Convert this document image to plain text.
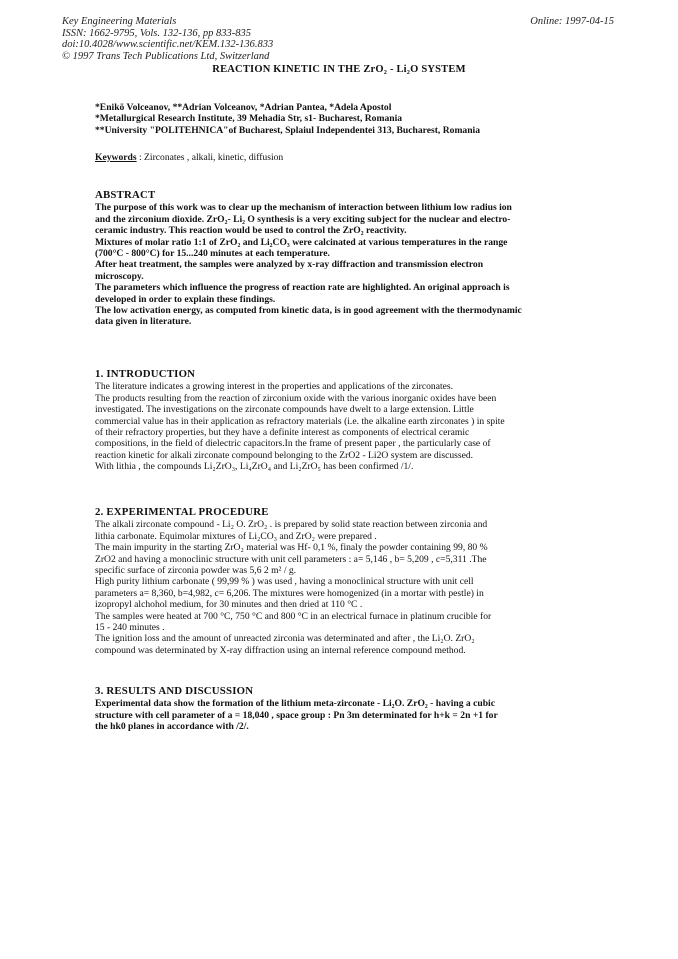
Key Engineering Materials
ISSN: 1662-9795, Vols. 132-136, pp 833-835
doi:10.4028/www.scientific.net/KEM.132-136.833
© 1997 Trans Tech Publications Ltd, Switzerland
Online: 1997-04-15
REACTION KINETIC IN THE ZrO₂ - Li₂O SYSTEM
*Enikö Volceanov, **Adrian Volceanov, *Adrian Pantea, *Adela Apostol
*Metallurgical Research Institute, 39 Mehadia Str, s1- Bucharest, Romania
**University "POLITEHNICA"of Bucharest, Splaiul Independentei 313, Bucharest, Romania
Keywords : Zirconates , alkali, kinetic, diffusion
ABSTRACT
The purpose of this work was to clear up the mechanism of interaction between lithium low radius ion
and the zirconium dioxide. ZrO₂- Li₂ O synthesis is a very exciting subject for the nuclear and electro-
ceramic industry. This reaction would be used to control the ZrO₂ reactivity.
Mixtures of molar ratio 1:1 of ZrO₂ and Li₂CO₃ were calcinated at various temperatures in the range
(700°C - 800°C) for 15...240 minutes at each temperature.
After heat treatment, the samples were analyzed by x-ray diffraction and transmission electron
microscopy.
The parameters which influence the progress of reaction rate are highlighted. An original approach is
developed in order to explain these findings.
The low activation energy, as computed from kinetic data, is in good agreement with the thermodynamic
data given in literature.
1. INTRODUCTION
The literature indicates a growing interest in the properties and applications of the zirconates.
The products resulting from the reaction of zirconium oxide with the various inorganic oxides have been
investigated. The investigations on the zirconate compounds have dwelt to a large extension. Little
commercial value has in their application as refractory materials (i.e. the alkaline earth zirconates ) in spite
of their refractory properties, but they have a definite interest as components of electrical ceramic
compositions, in the field of dielectric capacitors.In the frame of present paper , the particularly case of
reaction kinetic for alkali zirconate compound belonging to the ZrO2 - Li2O system are discussed.
With lithia , the compounds Li₂ZrO₃, Li₄ZrO₄ and Li₂ZrO₅ has been confirmed /1/.
2. EXPERIMENTAL PROCEDURE
The alkali zirconate compound - Li₂ O. ZrO₂ . is prepared by solid state reaction between zirconia and
lithia carbonate. Equimolar mixtures of Li₂CO₃ and ZrO₂ were prepared .
The main impurity in the starting ZrO₂ material was Hf- 0,1 %, finaly the powder containing 99, 80 %
ZrO2 and having a monoclinic structure with unit cell parameters : a= 5,146 , b= 5,209 , c=5,311 .The
specific surface of zirconia powder was 5,6 2 m² / g.
High purity lithium carbonate ( 99,99 % ) was used , having a monoclinical structure with unit cell
parameters a= 8,360, b=4,982, c= 6,206. The mixtures were homogenized (in a mortar with pestle) in
izopropyl alchohol medium, for 30 minutes and then dried at 110 °C .
The samples were heated at 700 °C, 750 °C and 800 °C in an electrical furnace in platinum crucible for
15 - 240 minutes .
The ignition loss and the amount of unreacted zirconia was determinated and after , the Li₂O. ZrO₂
compound was determinated by X-ray diffraction using an internal reference compound method.
3. RESULTS AND DISCUSSION
Experimental data show the formation of the lithium meta-zirconate - Li₂O. ZrO₂ - having a cubic
structure with cell parameter of a = 18,040 , space group : Pn 3m determinated for h+k = 2n +1 for
the hk0 planes in accordance with /2/.
